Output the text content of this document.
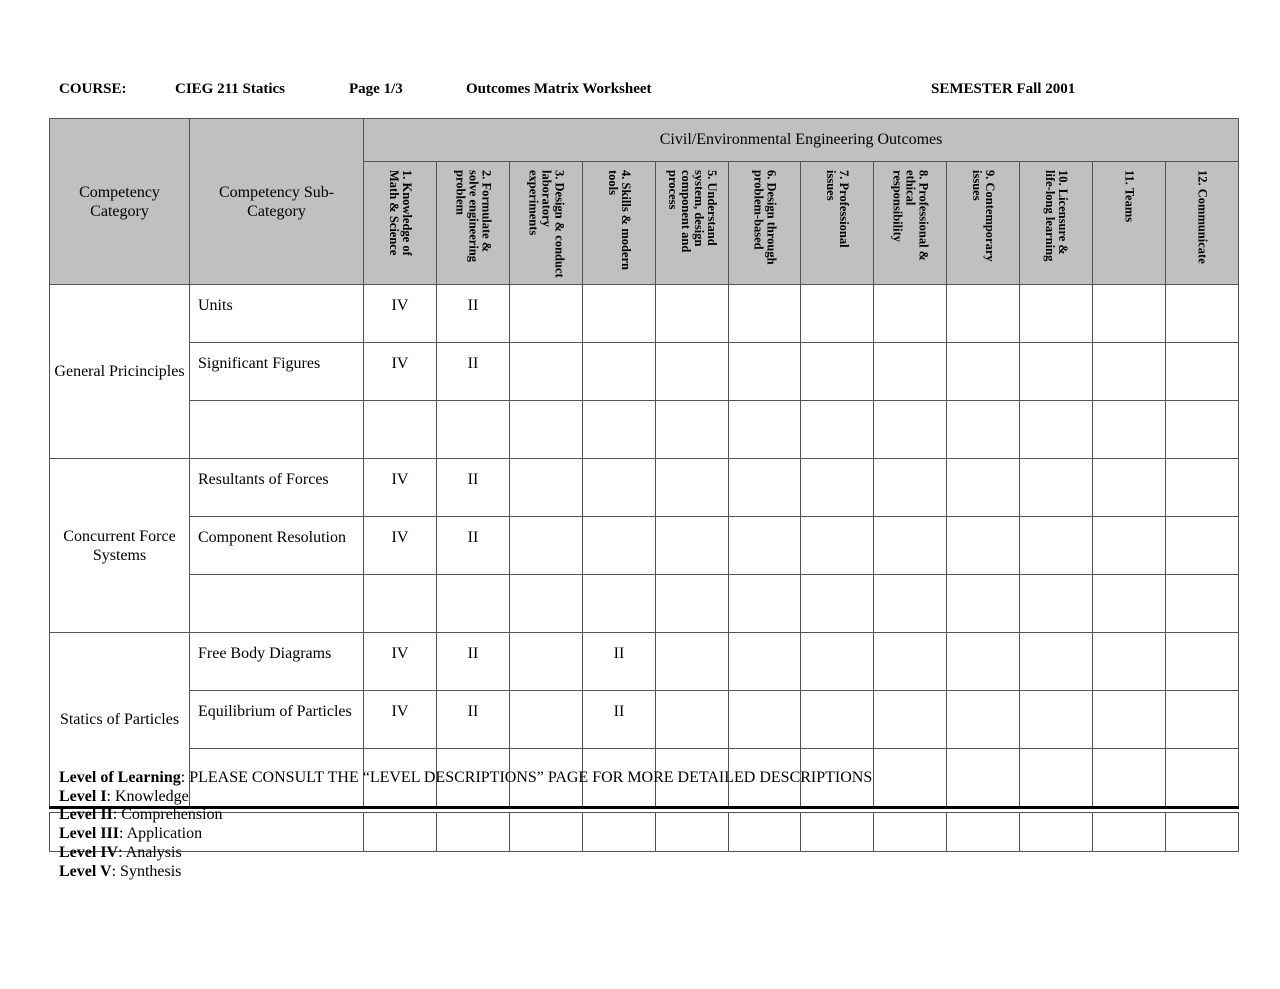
COURSE:	CIEG 211 Statics	Page 1/3	Outcomes Matrix Worksheet	SEMESTER Fall 2001
Competency Category	Competency Sub-Category	Civil/Environmental Engineering Outcomes											

		1. Knowledge of Math & Science	2. Formulate & solve engineering problem	3. Design & conduct laboratory experiments	4. Skills & modern tools	5. Understand system, design component and process	6. Design through problem-based	7. Professional issues	8. Professional & ethical responsibility	9. Contemporary issues	10. Licensure & life-long learning	11. Teams	12. Communicate

General Pricinciples	Units	IV	II										
	Significant Figures	IV	II										

Concurrent Force Systems	Resultants of Forces	IV	II										
	Component Resolution	IV	II										

Statics of Particles	Free Body Diagrams	IV	II		II								
	Equilibrium of Particles	IV	II		II								

Level of Learning: PLEASE CONSULT THE “LEVEL DESCRIPTIONS” PAGE FOR MORE DETAILED DESCRIPTIONS
Level I: Knowledge
Level II: Comprehension
Level III: Application
Level IV: Analysis
Level V: Synthesis
